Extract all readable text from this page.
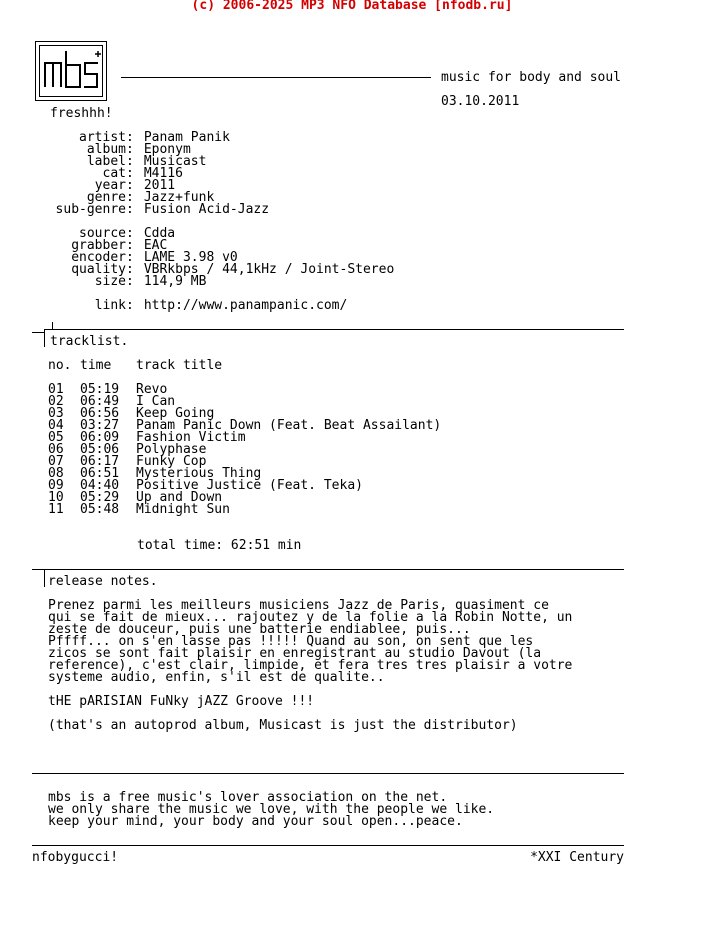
(c) 2006-2025 MP3 NFO Database [nfodb.ru]
music for body and soul
03.10.2011
freshhh!
artist: Panam Panik
album: Eponym
label: Musicast
cat: M4116
year: 2011
genre: Jazz+funk
sub-genre: Fusion Acid-Jazz
source: Cdda
grabber: EAC
encoder: LAME 3.98 v0
quality: VBRkbps / 44,1kHz / Joint-Stereo
size: 114,9 MB
link: http://www.panampanic.com/
tracklist.
no. time track title
01 05:19 Revo
02 06:49 I Can
03 06:56 Keep Going
04 03:27 Panam Panic Down (Feat. Beat Assailant)
05 06:09 Fashion Victim
06 05:06 Polyphase
07 06:17 Funky Cop
08 06:51 Mysterious Thing
09 04:40 Positive Justice (Feat. Teka)
10 05:29 Up and Down
11 05:48 Midnight Sun
total time: 62:51 min
release notes.
Prenez parmi les meilleurs musiciens Jazz de Paris, quasiment ce
qui se fait de mieux... rajoutez y de la folie a la Robin Notte, un
zeste de douceur, puis une batterie endiablee, puis...
Pffff... on s'en lasse pas !!!!! Quand au son, on sent que les
zicos se sont fait plaisir en enregistrant au studio Davout (la
reference), c'est clair, limpide, et fera tres tres plaisir a votre
systeme audio, enfin, s'il est de qualite..
tHE pARISIAN FuNky jAZZ Groove !!!
(that's an autoprod album, Musicast is just the distributor)
mbs is a free music's lover association on the net.
we only share the music we love, with the people we like.
keep your mind, your body and your soul open...peace.
nfobygucci!	*XXI Century
